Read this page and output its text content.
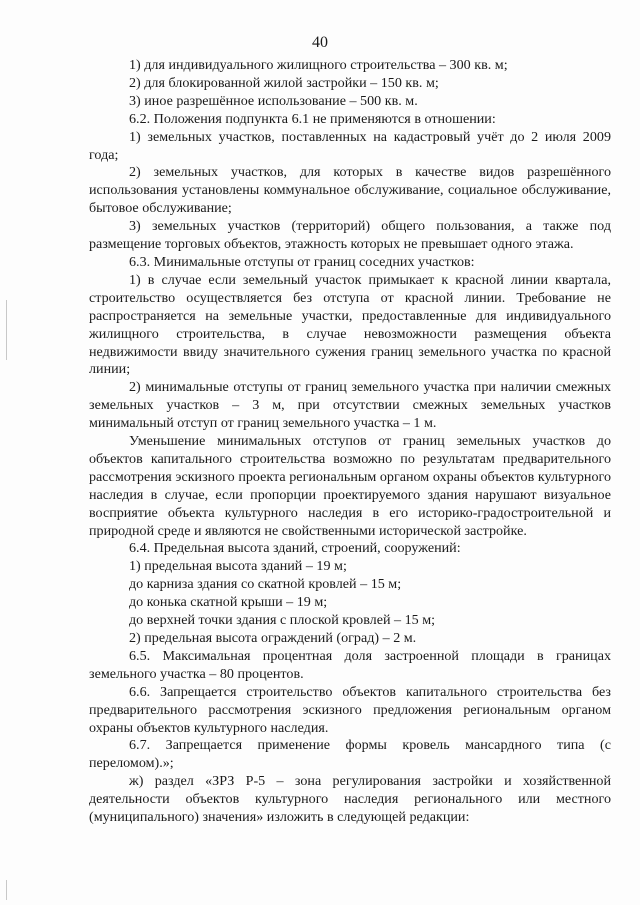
40

1) для индивидуального жилищного строительства – 300 кв. м;

2) для блокированной жилой застройки – 150 кв. м;

3) иное разрешённое использование – 500 кв. м.

6.2. Положения подпункта 6.1 не применяются в отношении:

1) земельных участков, поставленных на кадастровый учёт до 2 июля 2009 года;

2) земельных участков, для которых в качестве видов разрешённого использования установлены коммунальное обслуживание, социальное обслуживание, бытовое обслуживание;

3) земельных участков (территорий) общего пользования, а также под размещение торговых объектов, этажность которых не превышает одного этажа.

6.3. Минимальные отступы от границ соседних участков:

1) в случае если земельный участок примыкает к красной линии квартала, строительство осуществляется без отступа от красной линии. Требование не распространяется на земельные участки, предоставленные для индивидуального жилищного строительства, в случае невозможности размещения объекта недвижимости ввиду значительного сужения границ земельного участка по красной линии;

2) минимальные отступы от границ земельного участка при наличии смежных земельных участков – 3 м, при отсутствии смежных земельных участков минимальный отступ от границ земельного участка – 1 м.

Уменьшение минимальных отступов от границ земельных участков до объектов капитального строительства возможно по результатам предварительного рассмотрения эскизного проекта региональным органом охраны объектов культурного наследия в случае, если пропорции проектируемого здания нарушают визуальное восприятие объекта культурного наследия в его историко-градостроительной и природной среде и являются не свойственными исторической застройке.

6.4. Предельная высота зданий, строений, сооружений:

1) предельная высота зданий – 19 м;

до карниза здания со скатной кровлей – 15 м;

до конька скатной крыши – 19 м;

до верхней точки здания с плоской кровлей – 15 м;

2) предельная высота ограждений (оград) – 2 м.

6.5. Максимальная процентная доля застроенной площади в границах земельного участка – 80 процентов.

6.6. Запрещается строительство объектов капитального строительства без предварительного рассмотрения эскизного предложения региональным органом охраны объектов культурного наследия.

6.7. Запрещается применение формы кровель мансардного типа (с переломом).»;

ж) раздел «ЗРЗ Р-5 – зона регулирования застройки и хозяйственной деятельности объектов культурного наследия регионального или местного (муниципального) значения» изложить в следующей редакции:
